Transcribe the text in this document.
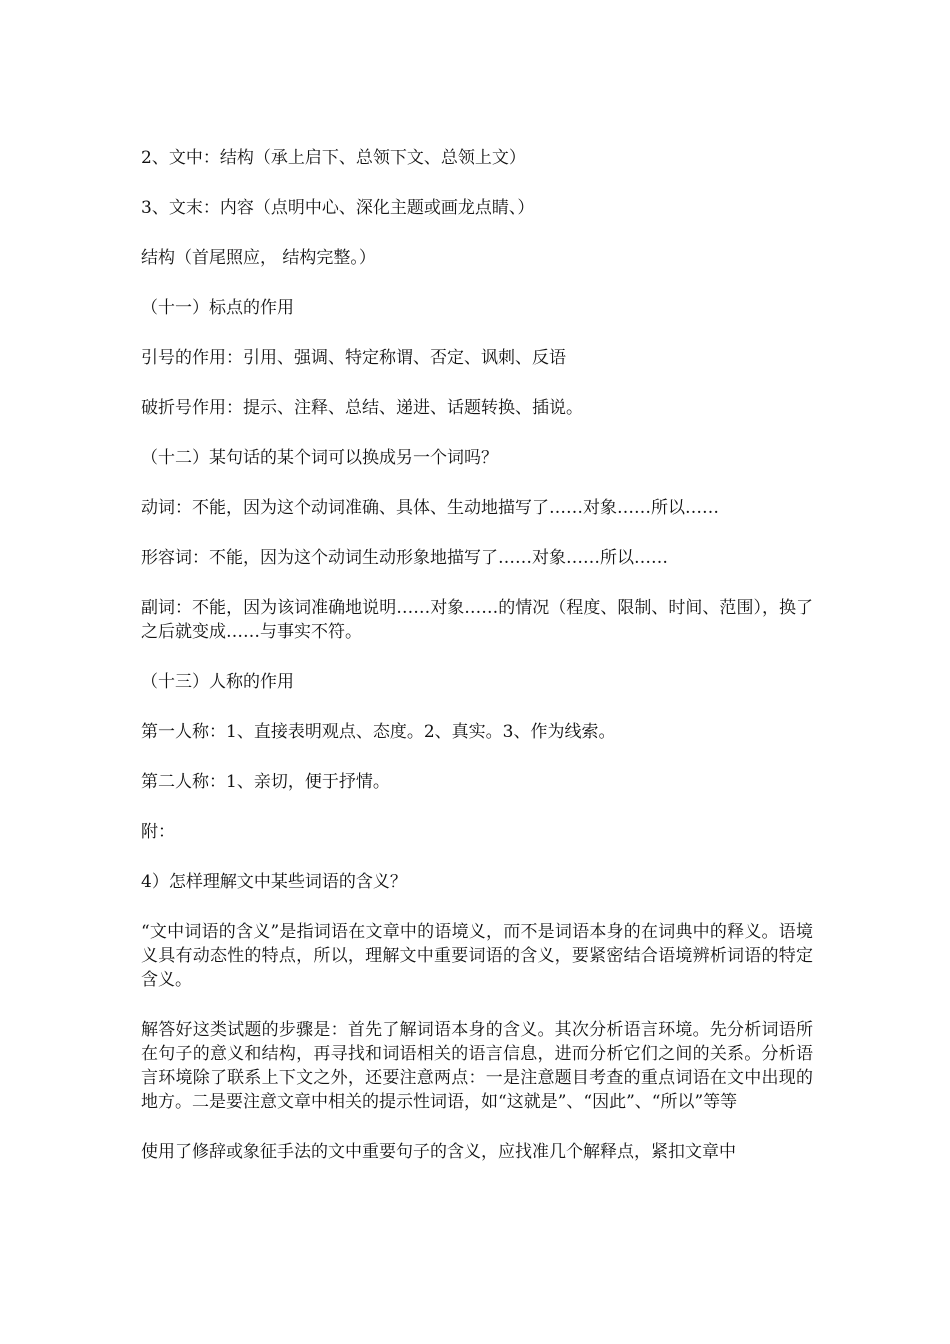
2、文中：结构（承上启下、总领下文、总领上文）

3、文末：内容（点明中心、深化主题或画龙点睛、）

结构（首尾照应， 结构完整。）

（十一）标点的作用

引号的作用：引用、强调、特定称谓、否定、讽刺、反语

破折号作用：提示、注释、总结、递进、话题转换、插说。

（十二）某句话的某个词可以换成另一个词吗？

动词：不能，因为这个动词准确、具体、生动地描写了……对象……所以……

形容词：不能，因为这个动词生动形象地描写了……对象……所以……

副词：不能，因为该词准确地说明……对象……的情况（程度、限制、时间、范围），换了之后就变成……与事实不符。

（十三）人称的作用

第一人称：1、直接表明观点、态度。2、真实。3、作为线索。

第二人称：1、亲切，便于抒情。

附：

4）怎样理解文中某些词语的含义？

“文中词语的含义”是指词语在文章中的语境义，而不是词语本身的在词典中的释义。语境义具有动态性的特点，所以，理解文中重要词语的含义，要紧密结合语境辨析词语的特定含义。

解答好这类试题的步骤是：首先了解词语本身的含义。其次分析语言环境。先分析词语所在句子的意义和结构，再寻找和词语相关的语言信息，进而分析它们之间的关系。分析语言环境除了联系上下文之外，还要注意两点：一是注意题目考查的重点词语在文中出现的地方。二是要注意文章中相关的提示性词语，如“这就是”、“因此”、“所以”等等

使用了修辞或象征手法的文中重要句子的含义，应找准几个解释点，紧扣文章中
